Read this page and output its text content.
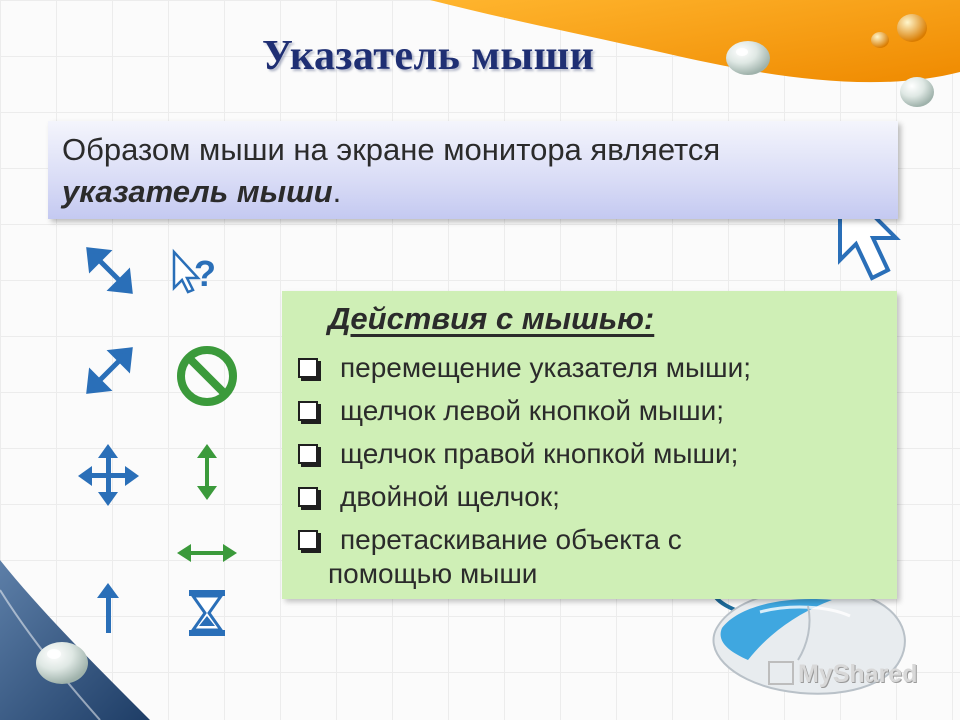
?
Указатель мыши
Образом мыши на экране монитора является
указатель мыши.
Действия с мышью:
перемещение указателя мыши;
щелчок левой кнопкой мыши;
щелчок правой кнопкой мыши;
двойной щелчок;
перетаскивание объекта с
помощью мыши
MyShared
